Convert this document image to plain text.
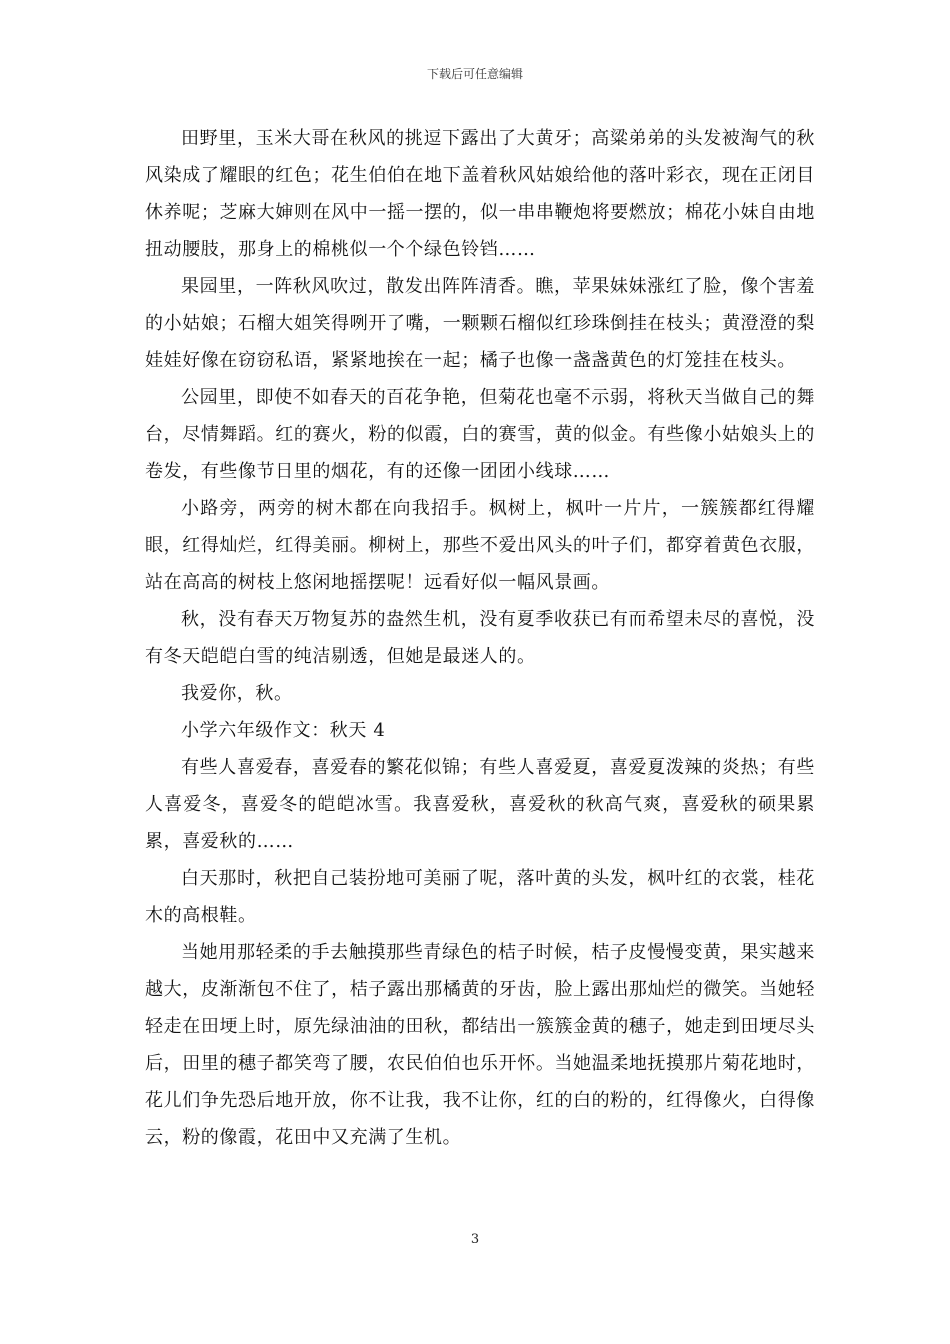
下载后可任意编辑

田野里，玉米大哥在秋风的挑逗下露出了大黄牙；高粱弟弟的头发被淘气的秋风染成了耀眼的红色；花生伯伯在地下盖着秋风姑娘给他的落叶彩衣，现在正闭目休养呢；芝麻大婶则在风中一摇一摆的，似一串串鞭炮将要燃放；棉花小妹自由地扭动腰肢，那身上的棉桃似一个个绿色铃铛……

果园里，一阵秋风吹过，散发出阵阵清香。瞧，苹果妹妹涨红了脸，像个害羞的小姑娘；石榴大姐笑得咧开了嘴，一颗颗石榴似红珍珠倒挂在枝头；黄澄澄的梨娃娃好像在窃窃私语，紧紧地挨在一起；橘子也像一盏盏黄色的灯笼挂在枝头。

公园里，即使不如春天的百花争艳，但菊花也毫不示弱，将秋天当做自己的舞台，尽情舞蹈。红的赛火，粉的似霞，白的赛雪，黄的似金。有些像小姑娘头上的卷发，有些像节日里的烟花，有的还像一团团小线球……

小路旁，两旁的树木都在向我招手。枫树上，枫叶一片片，一簇簇都红得耀眼，红得灿烂，红得美丽。柳树上，那些不爱出风头的叶子们，都穿着黄色衣服，站在高高的树枝上悠闲地摇摆呢！远看好似一幅风景画。

秋，没有春天万物复苏的盎然生机，没有夏季收获已有而希望未尽的喜悦，没有冬天皑皑白雪的纯洁剔透，但她是最迷人的。

我爱你，秋。

小学六年级作文：秋天 4

有些人喜爱春，喜爱春的繁花似锦；有些人喜爱夏，喜爱夏泼辣的炎热；有些人喜爱冬，喜爱冬的皑皑冰雪。我喜爱秋，喜爱秋的秋高气爽，喜爱秋的硕果累累，喜爱秋的……

白天那时，秋把自己装扮地可美丽了呢，落叶黄的头发，枫叶红的衣裳，桂花木的高根鞋。

当她用那轻柔的手去触摸那些青绿色的桔子时候，桔子皮慢慢变黄，果实越来越大，皮渐渐包不住了，桔子露出那橘黄的牙齿，脸上露出那灿烂的微笑。当她轻轻走在田埂上时，原先绿油油的田秋，都结出一簇簇金黄的穗子，她走到田埂尽头后，田里的穗子都笑弯了腰，农民伯伯也乐开怀。当她温柔地抚摸那片菊花地时，花儿们争先恐后地开放，你不让我，我不让你，红的白的粉的，红得像火，白得像云，粉的像霞，花田中又充满了生机。

3
